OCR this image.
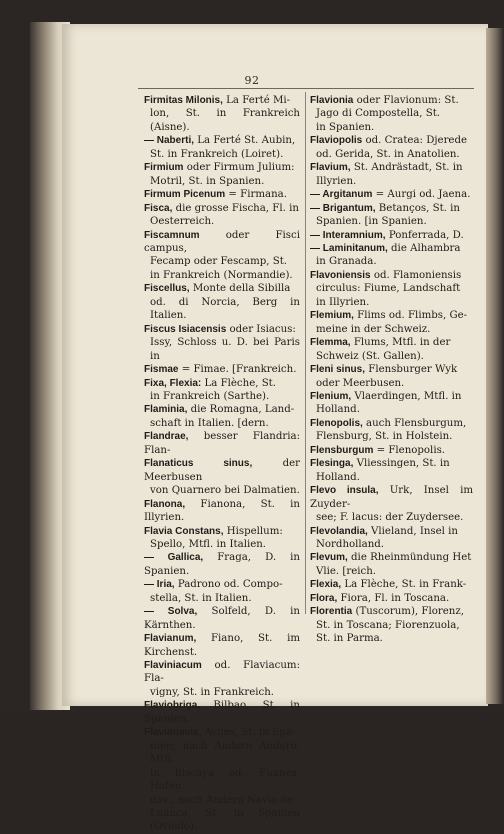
92
Firmitas Milonis, La Ferté Mi-
lon, St. in Frankreich (Aisne).
— Naberti, La Ferté St. Aubin,
St. in Frankreich (Loiret).
Firmium oder Firmum Julium:
Motril, St. in Spanien.
Firmum Picenum = Firmana.
Fisca, die grosse Fischa, Fl. in
Oesterreich.
Fiscamnum oder Fisci campus,
Fecamp oder Fescamp, St.
in Frankreich (Normandie).
Fiscellus, Monte della Sibilla
od. di Norcia, Berg in Italien.
Fiscus Isiacensis oder Isiacus:
Issy, Schloss u. D. bei Paris in
Fismae = Fimae. [Frankreich.
Fixa, Flexia: La Flèche, St.
in Frankreich (Sarthe).
Flaminia, die Romagna, Land-
schaft in Italien. [dern.
Flandrae, besser Flandria: Flan-
Flanaticus sinus, der Meerbusen
von Quarnero bei Dalmatien.
Flanona, Fianona, St. in Illyrien.
Flavia Constans, Hispellum:
Spello, Mtfl. in Italien.
— Gallica, Fraga, D. in Spanien.
— Iria, Padrono od. Compo-
stella, St. in Italien.
— Solva, Solfeld, D. in Kärnthen.
Flavianum, Fiano, St. im Kirchenst.
Flaviniacum od. Flaviacum: Fla-
vigny, St. in Frankreich.
Flaviobriga, Bilbao, St. in Spanien.
Flavionavia, Aviles, St. in Spa-
nien; nach Andern Andero, Mtfl.
in Biscaya od. Fuanes, Hafen
das.; nach Andern Navia de
Luanca, St. in Spanien (Oviedo).
Flavionia oder Flavionum: St.
Jago di Compostella, St.
in Spanien.
Flaviopolis od. Cratea: Djerede
od. Gerida, St. in Anatolien.
Flavium, St. Andrästadt, St. in
Illyrien.
— Argitanum = Aurgi od. Jaena.
— Brigantum, Betanços, St. in
Spanien. [in Spanien.
— Interamnium, Ponferrada, D.
— Laminitanum, die Alhambra
in Granada.
Flavoniensis od. Flamoniensis
circulus: Fiume, Landschaft
in Illyrien.
Flemium, Flims od. Flimbs, Ge-
meine in der Schweiz.
Flemma, Flums, Mtfl. in der
Schweiz (St. Gallen).
Fleni sinus, Flensburger Wyk
oder Meerbusen.
Flenium, Vlaerdingen, Mtfl. in
Holland.
Flenopolis, auch Flensburgum,
Flensburg, St. in Holstein.
Flensburgum = Flenopolis.
Flesinga, Vliessingen, St. in
Holland.
Flevo insula, Urk, Insel im Zuyder-
see; F. lacus: der Zuydersee.
Flevolandia, Vlieland, Insel in
Nordholland.
Flevum, die Rheinmündung Het
Vlie. [reich.
Flexia, La Flèche, St. in Frank-
Flora, Fiora, Fl. in Toscana.
Florentia (Tuscorum), Florenz,
St. in Toscana; Fiorenzuola,
St. in Parma.
